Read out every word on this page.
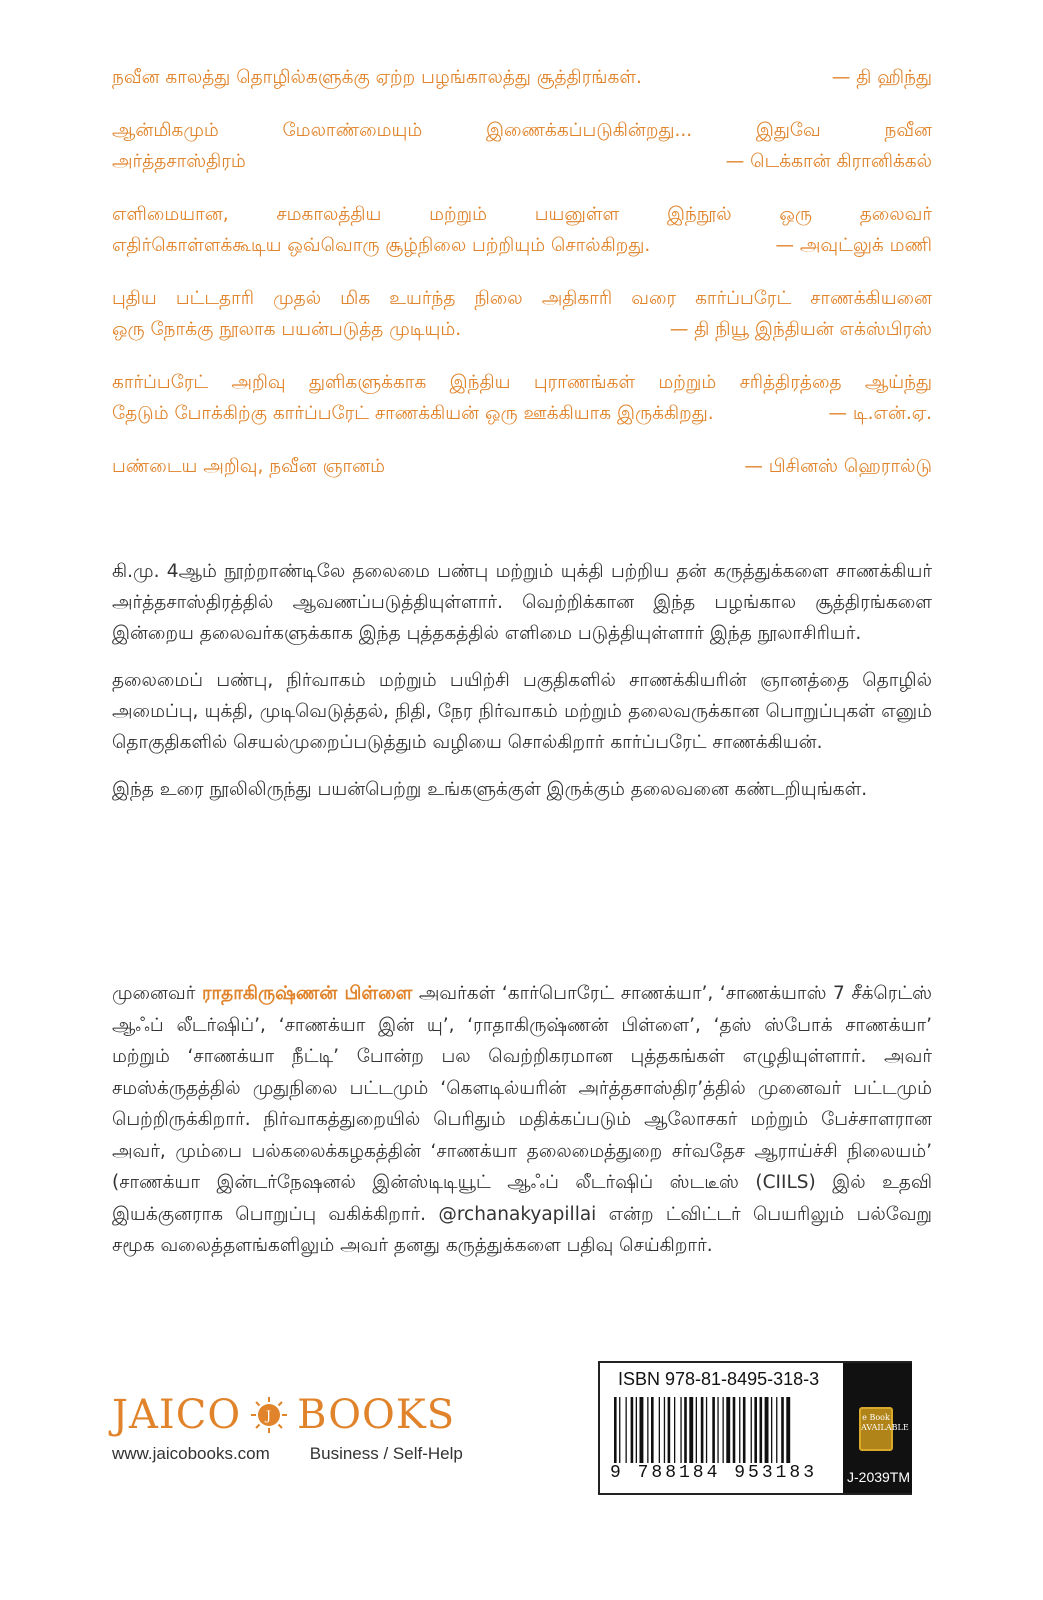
நவீன காலத்து தொழில்களுக்கு ஏற்ற பழங்காலத்து சூத்திரங்கள்.	— தி ஹிந்து
ஆன்மிகமும் மேலாண்மையும் இணைக்கப்படுகின்றது... இதுவே நவீன
அர்த்தசாஸ்திரம்	— டெக்கான் கிரானிக்கல்
எளிமையான, சமகாலத்திய மற்றும் பயனுள்ள இந்நூல் ஒரு தலைவர்
எதிர்கொள்ளக்கூடிய ஒவ்வொரு சூழ்நிலை பற்றியும் சொல்கிறது.	— அவுட்லுக் மணி
புதிய பட்டதாரி முதல் மிக உயர்ந்த நிலை அதிகாரி வரை கார்ப்பரேட் சாணக்கியனை
ஒரு நோக்கு நூலாக பயன்படுத்த முடியும்.	— தி நியூ இந்தியன் எக்ஸ்பிரஸ்
கார்ப்பரேட் அறிவு துளிகளுக்காக இந்திய புராணங்கள் மற்றும் சரித்திரத்தை ஆய்ந்து
தேடும் போக்கிற்கு கார்ப்பரேட் சாணக்கியன் ஒரு ஊக்கியாக இருக்கிறது.	— டி.என்.ஏ.
பண்டைய அறிவு, நவீன ஞானம்	— பிசினஸ் ஹெரால்டு

கி.மு. 4ஆம் நூற்றாண்டிலே தலைமை பண்பு மற்றும் யுக்தி பற்றிய தன் கருத்துக்களை சாணக்கியர் அர்த்தசாஸ்திரத்தில் ஆவணப்படுத்தியுள்ளார். வெற்றிக்கான இந்த பழங்கால சூத்திரங்களை இன்றைய தலைவர்களுக்காக இந்த புத்தகத்தில் எளிமை படுத்தியுள்ளார் இந்த நூலாசிரியர்.

தலைமைப் பண்பு, நிர்வாகம் மற்றும் பயிற்சி பகுதிகளில் சாணக்கியரின் ஞானத்தை தொழில் அமைப்பு, யுக்தி, முடிவெடுத்தல், நிதி, நேர நிர்வாகம் மற்றும் தலைவருக்கான பொறுப்புகள் எனும் தொகுதிகளில் செயல்முறைப்படுத்தும் வழியை சொல்கிறார் கார்ப்பரேட் சாணக்கியன்.

இந்த உரை நூலிலிருந்து பயன்பெற்று உங்களுக்குள் இருக்கும் தலைவனை கண்டறியுங்கள்.

முனைவர் ராதாகிருஷ்ணன் பிள்ளை அவர்கள் ‘கார்பொரேட் சாணக்யா’, ‘சாணக்யாஸ் 7 சீக்ரெட்ஸ் ஆஃப் லீடர்ஷிப்’, ‘சாணக்யா இன் யு’, ‘ராதாகிருஷ்ணன் பிள்ளை’, ‘தஸ் ஸ்போக் சாணக்யா’ மற்றும் ‘சாணக்யா நீட்டி’ போன்ற பல வெற்றிகரமான புத்தகங்கள் எழுதியுள்ளார். அவர் சமஸ்க்ருதத்தில் முதுநிலை பட்டமும் ‘கௌடில்யரின் அர்த்தசாஸ்திர’த்தில் முனைவர் பட்டமும் பெற்றிருக்கிறார். நிர்வாகத்துறையில் பெரிதும் மதிக்கப்படும் ஆலோசகர் மற்றும் பேச்சாளரான அவர், மும்பை பல்கலைக்கழகத்தின் ‘சாணக்யா தலைமைத்துறை சர்வதேச ஆராய்ச்சி நிலையம்’ (சாணக்யா இன்டர்நேஷனல் இன்ஸ்டிடியூட் ஆஃப் லீடர்ஷிப் ஸ்டடீஸ் (CIILS) இல் உதவி இயக்குனராக பொறுப்பு வகிக்கிறார். @rchanakyapillai என்ற ட்விட்டர் பெயரிலும் பல்வேறு சமூக வலைத்தளங்களிலும் அவர் தனது கருத்துக்களை பதிவு செய்கிறார்.
JAICO J BOOKS
www.jaicobooks.com Business / Self-Help
ISBN 978-81-8495-318-3
9 788184 953183
e Book AVAILABLE
J-2039TM
